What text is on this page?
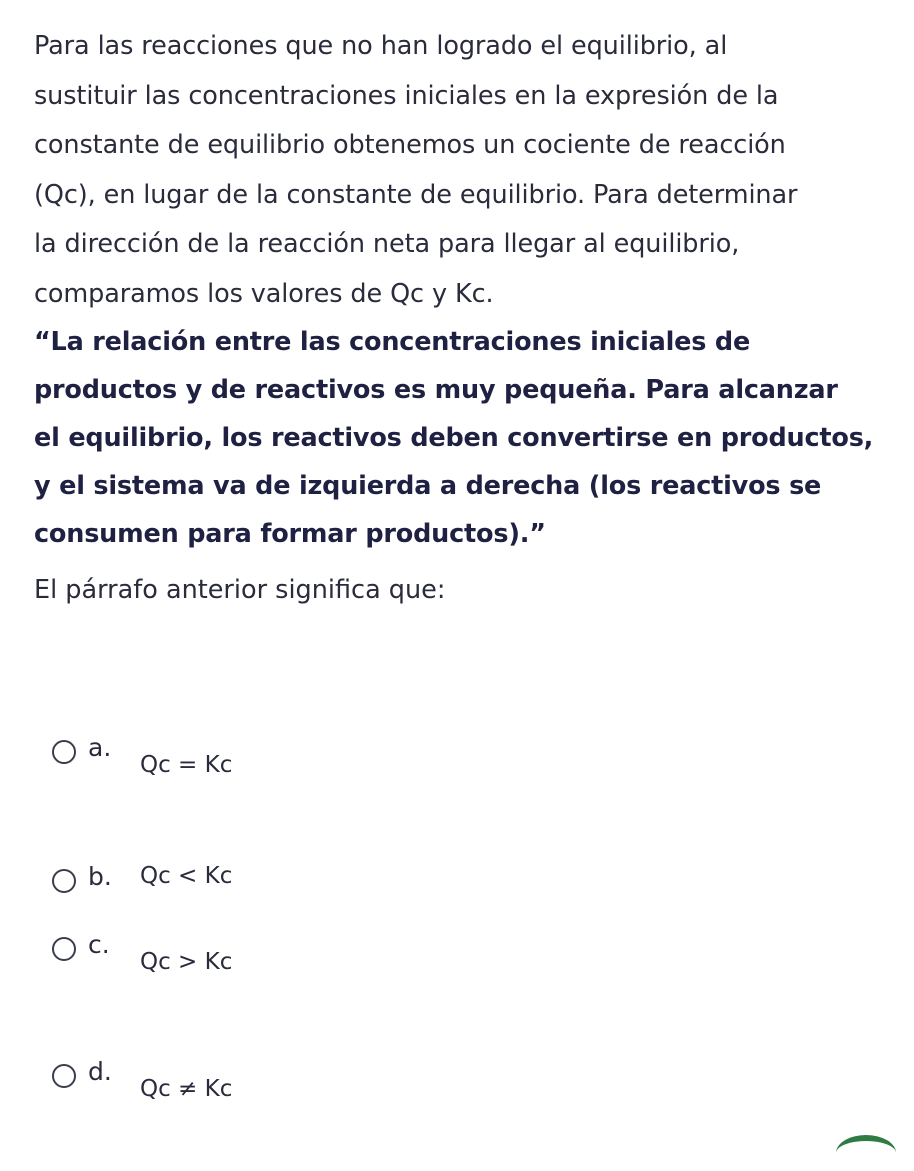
Para las reacciones que no han logrado el equilibrio, al

sustituir las concentraciones iniciales en la expresión de la

constante de equilibrio obtenemos un cociente de reacción

(Qc), en lugar de la constante de equilibrio. Para determinar

la dirección de la reacción neta para llegar al equilibrio,

comparamos los valores de Qc y Kc.

“La relación entre las concentraciones iniciales de

productos y de reactivos es muy pequeña. Para alcanzar

el equilibrio, los reactivos deben convertirse en productos,

y el sistema va de izquierda a derecha (los reactivos se

consumen para formar productos).”

El párrafo anterior significa que:
a.
Qc = Kc
b. Qc < Kc
c.
Qc > Kc
d.
Qc ≠ Kc
